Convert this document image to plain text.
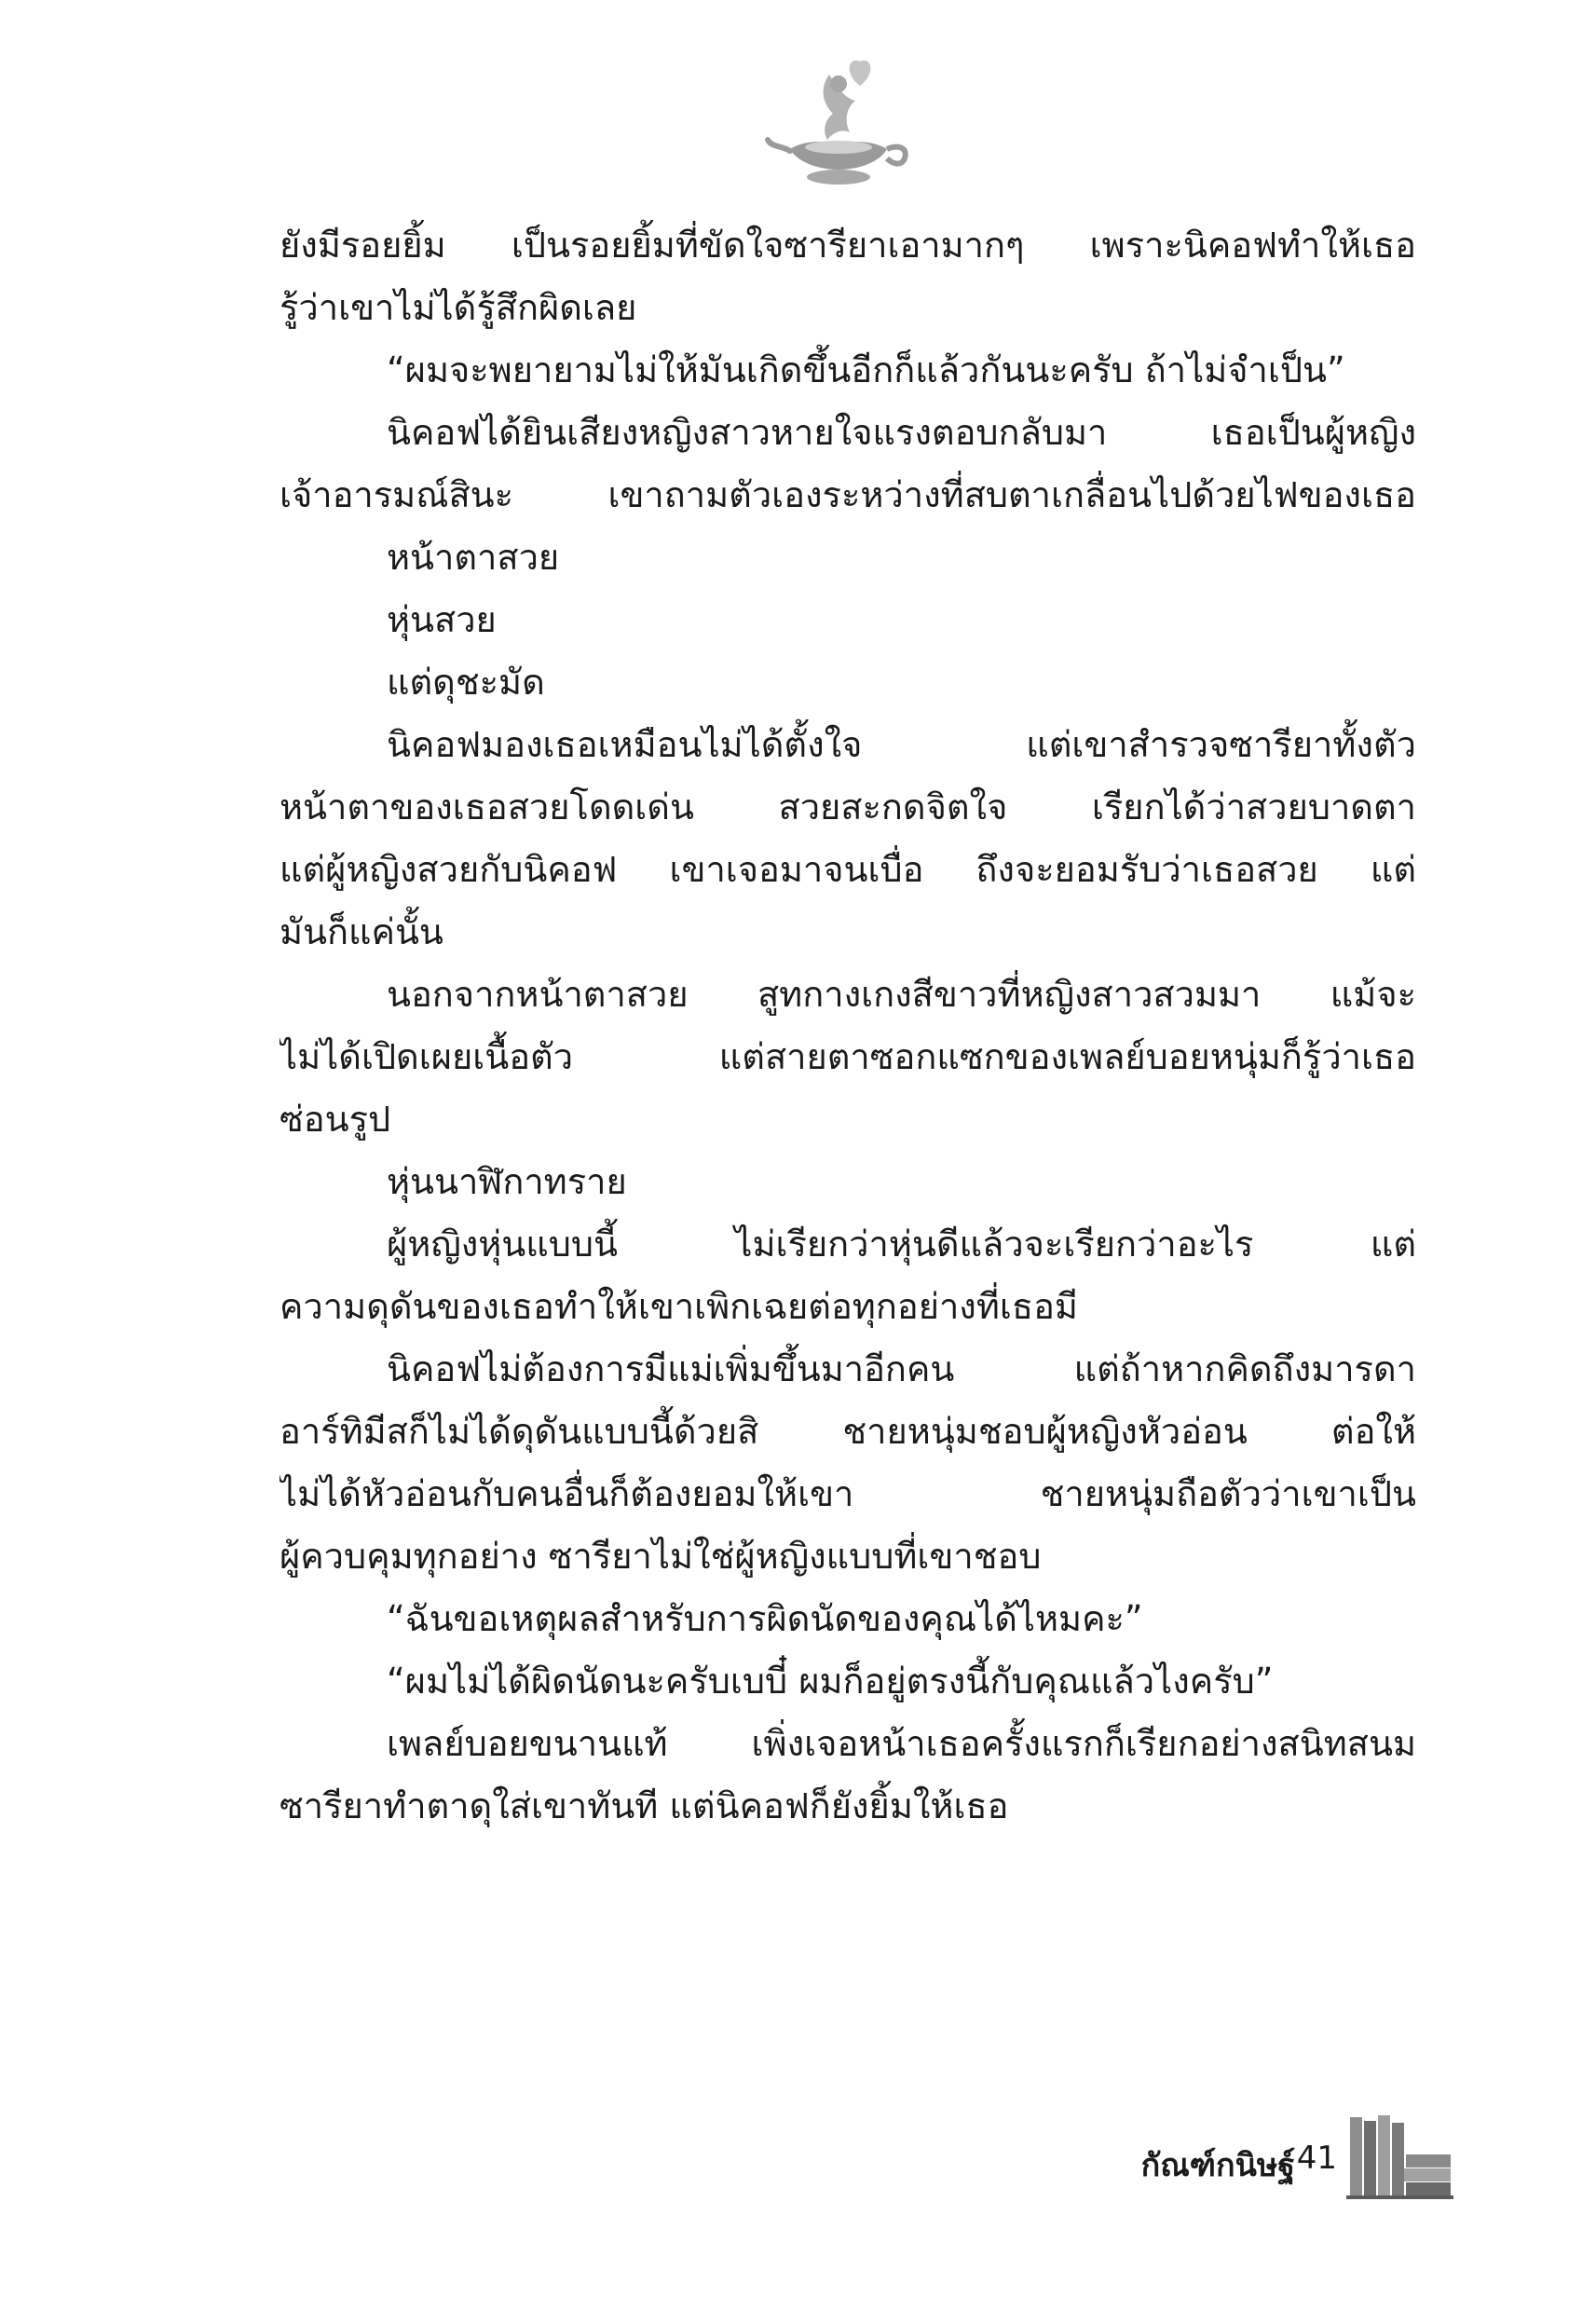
ยังมีรอยยิ้ม เป็นรอยยิ้มที่ขัดใจซารียาเอามากๆ เพราะนิคอฟทำให้เธอ
รู้ว่าเขาไม่ได้รู้สึกผิดเลย
“ผมจะพยายามไม่ให้มันเกิดขึ้นอีกก็แล้วกันนะครับ ถ้าไม่จำเป็น”
นิคอฟได้ยินเสียงหญิงสาวหายใจแรงตอบกลับมา เธอเป็นผู้หญิง
เจ้าอารมณ์สินะ เขาถามตัวเองระหว่างที่สบตาเกลื่อนไปด้วยไฟของเธอ
หน้าตาสวย
หุ่นสวย
แต่ดุชะมัด
นิคอฟมองเธอเหมือนไม่ได้ตั้งใจ แต่เขาสำรวจซารียาทั้งตัว
หน้าตาของเธอสวยโดดเด่น สวยสะกดจิตใจ เรียกได้ว่าสวยบาดตา
แต่ผู้หญิงสวยกับนิคอฟ เขาเจอมาจนเบื่อ ถึงจะยอมรับว่าเธอสวย แต่
มันก็แค่นั้น
นอกจากหน้าตาสวย สูทกางเกงสีขาวที่หญิงสาวสวมมา แม้จะ
ไม่ได้เปิดเผยเนื้อตัว แต่สายตาซอกแซกของเพลย์บอยหนุ่มก็รู้ว่าเธอ
ซ่อนรูป
หุ่นนาฬิกาทราย
ผู้หญิงหุ่นแบบนี้ ไม่เรียกว่าหุ่นดีแล้วจะเรียกว่าอะไร แต่
ความดุดันของเธอทำให้เขาเพิกเฉยต่อทุกอย่างที่เธอมี
นิคอฟไม่ต้องการมีแม่เพิ่มขึ้นมาอีกคน แต่ถ้าหากคิดถึงมารดา
อาร์ทิมีสก็ไม่ได้ดุดันแบบนี้ด้วยสิ ชายหนุ่มชอบผู้หญิงหัวอ่อน ต่อให้
ไม่ได้หัวอ่อนกับคนอื่นก็ต้องยอมให้เขา ชายหนุ่มถือตัวว่าเขาเป็น
ผู้ควบคุมทุกอย่าง ซารียาไม่ใช่ผู้หญิงแบบที่เขาชอบ
“ฉันขอเหตุผลสำหรับการผิดนัดของคุณได้ไหมคะ”
“ผมไม่ได้ผิดนัดนะครับเบบี๋ ผมก็อยู่ตรงนี้กับคุณแล้วไงครับ”
เพลย์บอยขนานแท้ เพิ่งเจอหน้าเธอครั้งแรกก็เรียกอย่างสนิทสนม
ซารียาทำตาดุใส่เขาทันที แต่นิคอฟก็ยังยิ้มให้เธอ
กัณฑ์กนิษฐ์ 41
